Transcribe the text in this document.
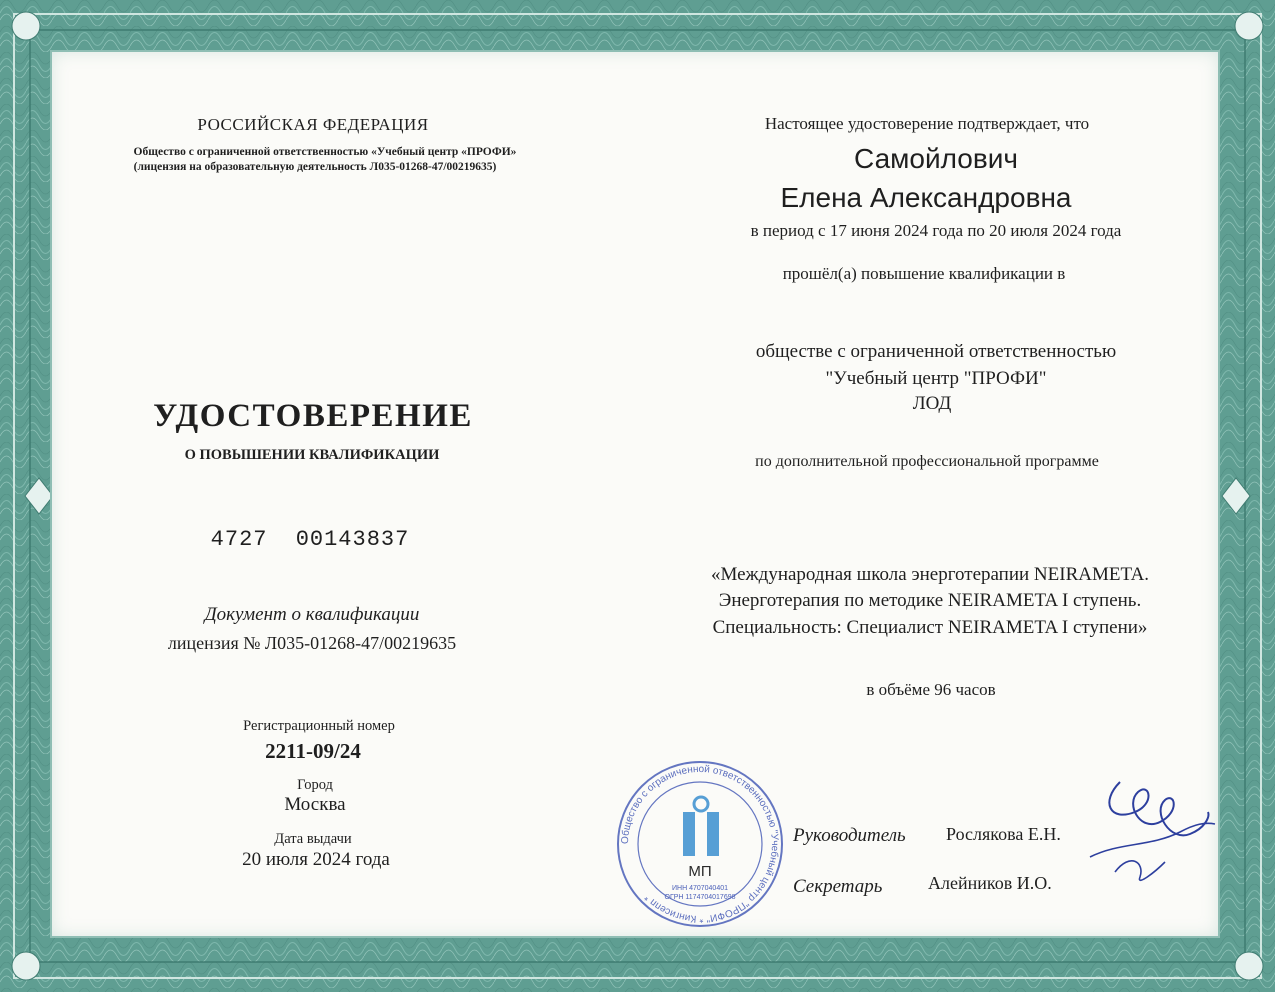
РОССИЙСКАЯ ФЕДЕРАЦИЯ
Общество с ограниченной ответственностью «Учебный центр «ПРОФИ»
(лицензия на образовательную деятельность Л035-01268-47/00219635)
УДОСТОВЕРЕНИЕ
О ПОВЫШЕНИИ КВАЛИФИКАЦИИ
4727 00143837
Документ о квалификации
лицензия № Л035-01268-47/00219635
Регистрационный номер
2211-09/24
Город
Москва
Дата выдачи
20 июля 2024 года
Настоящее удостоверение подтверждает, что
Самойлович
Елена Александровна
в период с 17 июня 2024 года по 20 июля 2024 года
прошёл(а) повышение квалификации в
обществе с ограниченной ответственностью
"Учебный центр "ПРОФИ"
ЛОД
по дополнительной профессиональной программе
«Международная школа энерготерапии NEIRAMETA.
Энерготерапия по методике NEIRAMETA I ступень.
Специальность: Специалист NEIRAMETA I ступени»
в объёме 96 часов
Руководитель Рослякова Е.Н.
Секретарь	Алейников И.О.
Общество с ограниченной ответственностью "Учебный центр "ПРОФИ" * Кингисепп *
МП
ИНН 4707040401
ОГРН 1174704017698
